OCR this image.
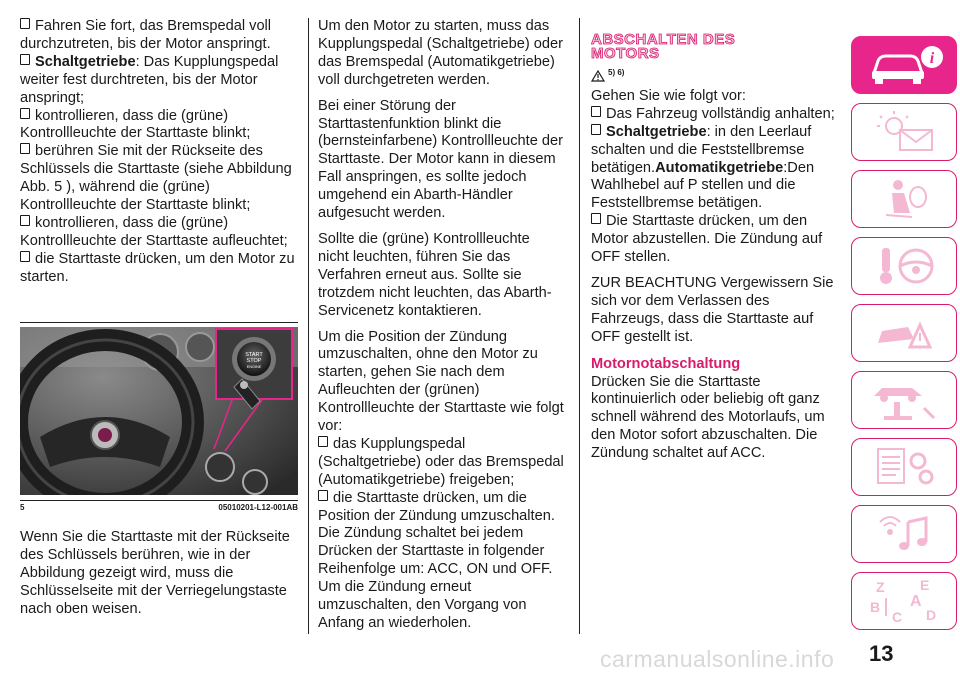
Fahren Sie fort, das Bremspedal voll durchzutreten, bis der Motor anspringt.

Schaltgetriebe: Das Kupplungspedal weiter fest durchtreten, bis der Motor anspringt;

kontrollieren, dass die (grüne) Kontrollleuchte der Starttaste blinkt;

berühren Sie mit der Rückseite des Schlüssels die Starttaste (siehe Abbildung Abb. 5 ), während die (grüne) Kontrollleuchte der Starttaste blinkt;

kontrollieren, dass die (grüne) Kontrollleuchte der Starttaste aufleuchtet;

die Starttaste drücken, um den Motor zu starten.

START
STOP
ENGINE
5	05010201-L12-001AB

Wenn Sie die Starttaste mit der Rückseite des Schlüssels berühren, wie in der Abbildung gezeigt wird, muss die Schlüsselseite mit der Verriegelungstaste nach oben weisen.

Um den Motor zu starten, muss das Kupplungspedal (Schaltgetriebe) oder das Bremspedal (Automatikgetriebe) voll durchgetreten werden.

Bei einer Störung der Starttastenfunktion blinkt die (bernsteinfarbene) Kontrollleuchte der Starttaste. Der Motor kann in diesem Fall anspringen, es sollte jedoch umgehend ein Abarth-Händler aufgesucht werden.

Sollte die (grüne) Kontrollleuchte nicht leuchten, führen Sie das Verfahren erneut aus. Sollte sie trotzdem nicht leuchten, das Abarth-Servicenetz kontaktieren.

Um die Position der Zündung umzuschalten, ohne den Motor zu starten, gehen Sie nach dem Aufleuchten der (grünen) Kontrollleuchte der Starttaste wie folgt vor:

das Kupplungspedal (Schaltgetriebe) oder das Bremspedal (Automatikgetriebe) freigeben;

die Starttaste drücken, um die Position der Zündung umzuschalten. Die Zündung schaltet bei jedem Drücken der Starttaste in folgender Reihenfolge um: ACC, ON und OFF. Um die Zündung erneut umzuschalten, den Vorgang von Anfang an wiederholen.

ABSCHALTEN DES
MOTORS

5) 6)

Gehen Sie wie folgt vor:

Das Fahrzeug vollständig anhalten;

Schaltgetriebe: in den Leerlauf schalten und die Feststellbremse betätigen.Automatikgetriebe:Den Wahlhebel auf P stellen und die Feststellbremse betätigen.

Die Starttaste drücken, um den Motor abzustellen. Die Zündung auf OFF stellen.

ZUR BEACHTUNG Vergewissern Sie sich vor dem Verlassen des Fahrzeugs, dass die Starttaste auf OFF gestellt ist.

Motornotabschaltung

Drücken Sie die Starttaste kontinuierlich oder beliebig oft ganz schnell während des Motorlaufs, um den Motor sofort abzuschalten. Die Zündung schaltet auf ACC.

i
Z	E
A
B
C D
carmanualsonline.info 13
